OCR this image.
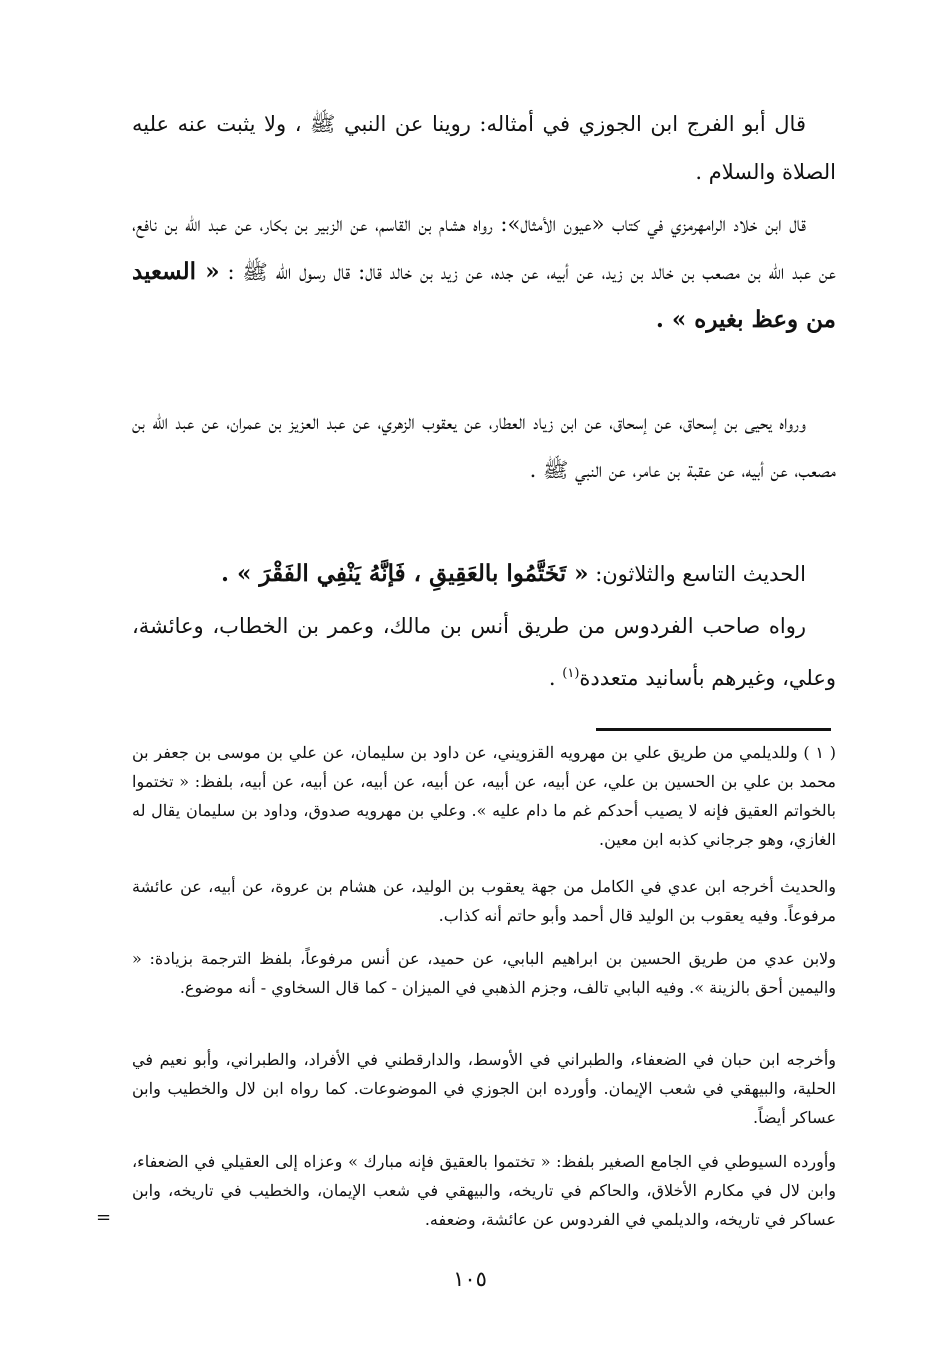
قال أبو الفرج ابن الجوزي في أمثاله: روينا عن النبي ﷺ ، ولا يثبت عنه عليه الصلاة والسلام .

قال ابن خلاد الرامهرمزي في كتاب «عيون الأمثال»: رواه هشام بن القاسم، عن الزبير بن بكار، عن عبد الله بن نافع، عن عبد الله بن مصعب بن خالد بن زيد، عن أبيه، عن جده، عن زيد بن خالد قال: قال رسول الله ﷺ : « السعيد من وعظ بغيره » .

ورواه يحيى بن إسحاق، عن إسحاق، عن ابن زياد العطار، عن يعقوب الزهري، عن عبد العزيز بن عمران، عن عبد الله بن مصعب، عن أبيه، عن عقبة بن عامر، عن النبي ﷺ .

الحديث التاسع والثلاثون: « تَخَتَّمُوا بالعَقِيقِ ، فَإنَّهُ يَنْفِي الفَقْرَ » .

رواه صاحب الفردوس من طريق أنس بن مالك، وعمر بن الخطاب، وعائشة، وعلي، وغيرهم بأسانيد متعددة$^{(١)}$ .

( ١ ) وللديلمي من طريق علي بن مهرويه القزويني، عن داود بن سليمان، عن علي بن موسى بن جعفر بن محمد بن علي بن الحسين بن علي، عن أبيه، عن أبيه، عن أبيه، عن أبيه، عن أبيه، عن أبيه، بلفظ: « تختموا بالخواتم العقيق فإنه لا يصيب أحدكم غم ما دام عليه ». وعلي بن مهرويه صدوق، وداود بن سليمان يقال له الغازي، وهو جرجاني كذبه ابن معين.
والحديث أخرجه ابن عدي في الكامل من جهة يعقوب بن الوليد، عن هشام بن عروة، عن أبيه، عن عائشة مرفوعاً. وفيه يعقوب بن الوليد قال أحمد وأبو حاتم أنه كذاب.
ولابن عدي من طريق الحسين بن ابراهيم البابي، عن حميد، عن أنس مرفوعاً، بلفظ الترجمة بزيادة: « واليمين أحق بالزينة ». وفيه البابي تالف، وجزم الذهبي في الميزان - كما قال السخاوي - أنه موضوع.
وأخرجه ابن حبان في الضعفاء، والطبراني في الأوسط، والدارقطني في الأفراد، والطبراني، وأبو نعيم في الحلية، والبيهقي في شعب الإيمان. وأورده ابن الجوزي في الموضوعات. كما رواه ابن لال والخطيب وابن عساكر أيضاً.
وأورده السيوطي في الجامع الصغير بلفظ: « تختموا بالعقيق فإنه مبارك » وعزاه إلى العقيلي في الضعفاء، وابن لال في مكارم الأخلاق، والحاكم في تاريخه، والبيهقي في شعب الإيمان، والخطيب في تاريخه، وابن عساكر في تاريخه، والديلمي في الفردوس عن عائشة، وضعفه.
=
١٠٥
